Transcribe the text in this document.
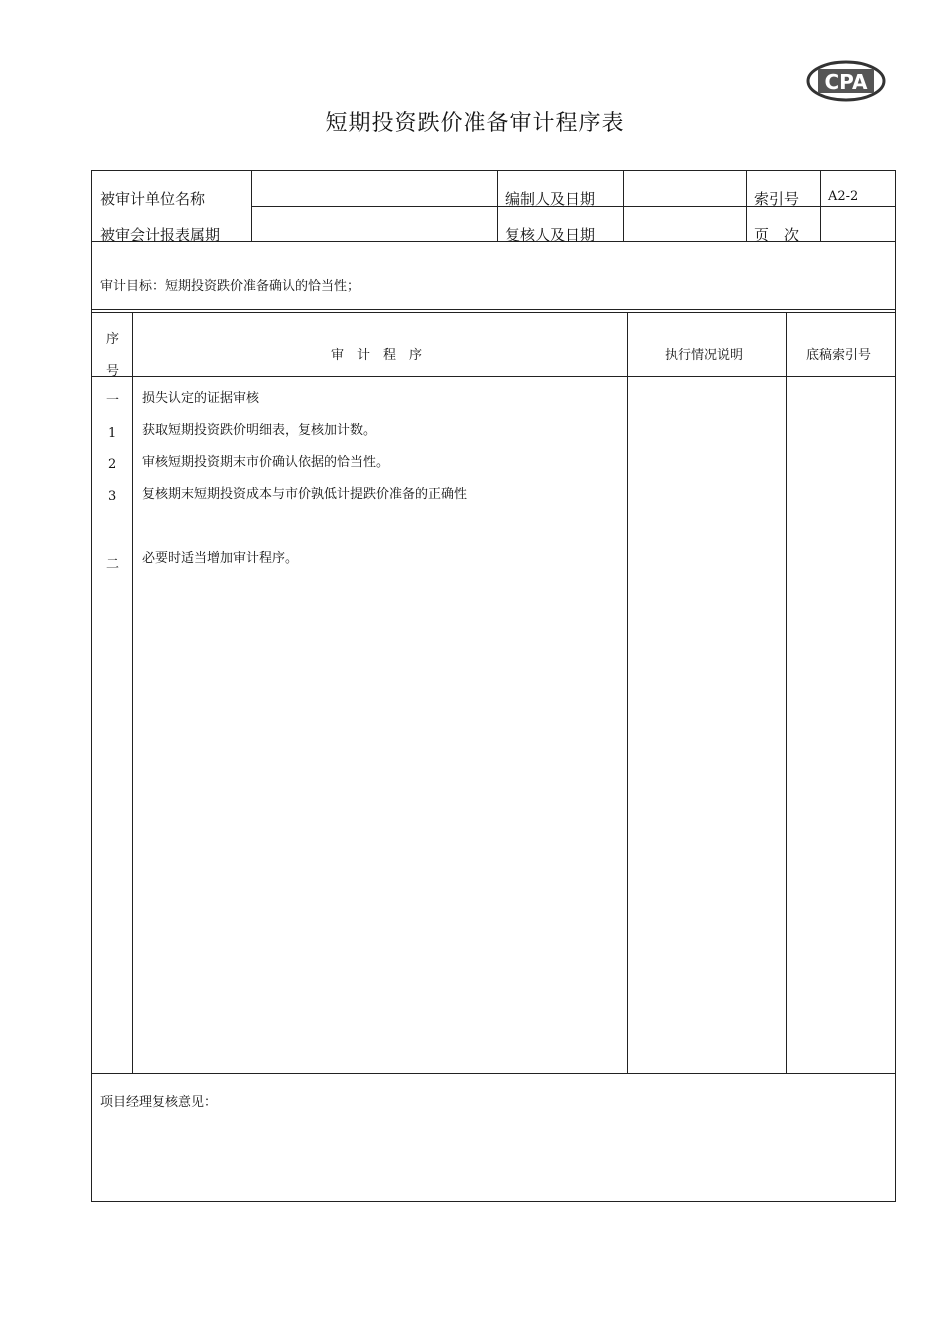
CPA
短期投资跌价准备审计程序表
被审计单位名称	编制人及日期	索引号 A2-2
被审会计报表属期	复核人及日期	页　次
审计目标：短期投资跌价准备确认的恰当性；
序
号
审　计　程　序	执行情况说明	底稿索引号
一 损失认定的证据审核
1 获取短期投资跌价明细表，复核加计数。
2 审核短期投资期末市价确认依据的恰当性。
3 复核期末短期投资成本与市价孰低计提跌价准备的正确性
二 必要时适当增加审计程序。
项目经理复核意见：
